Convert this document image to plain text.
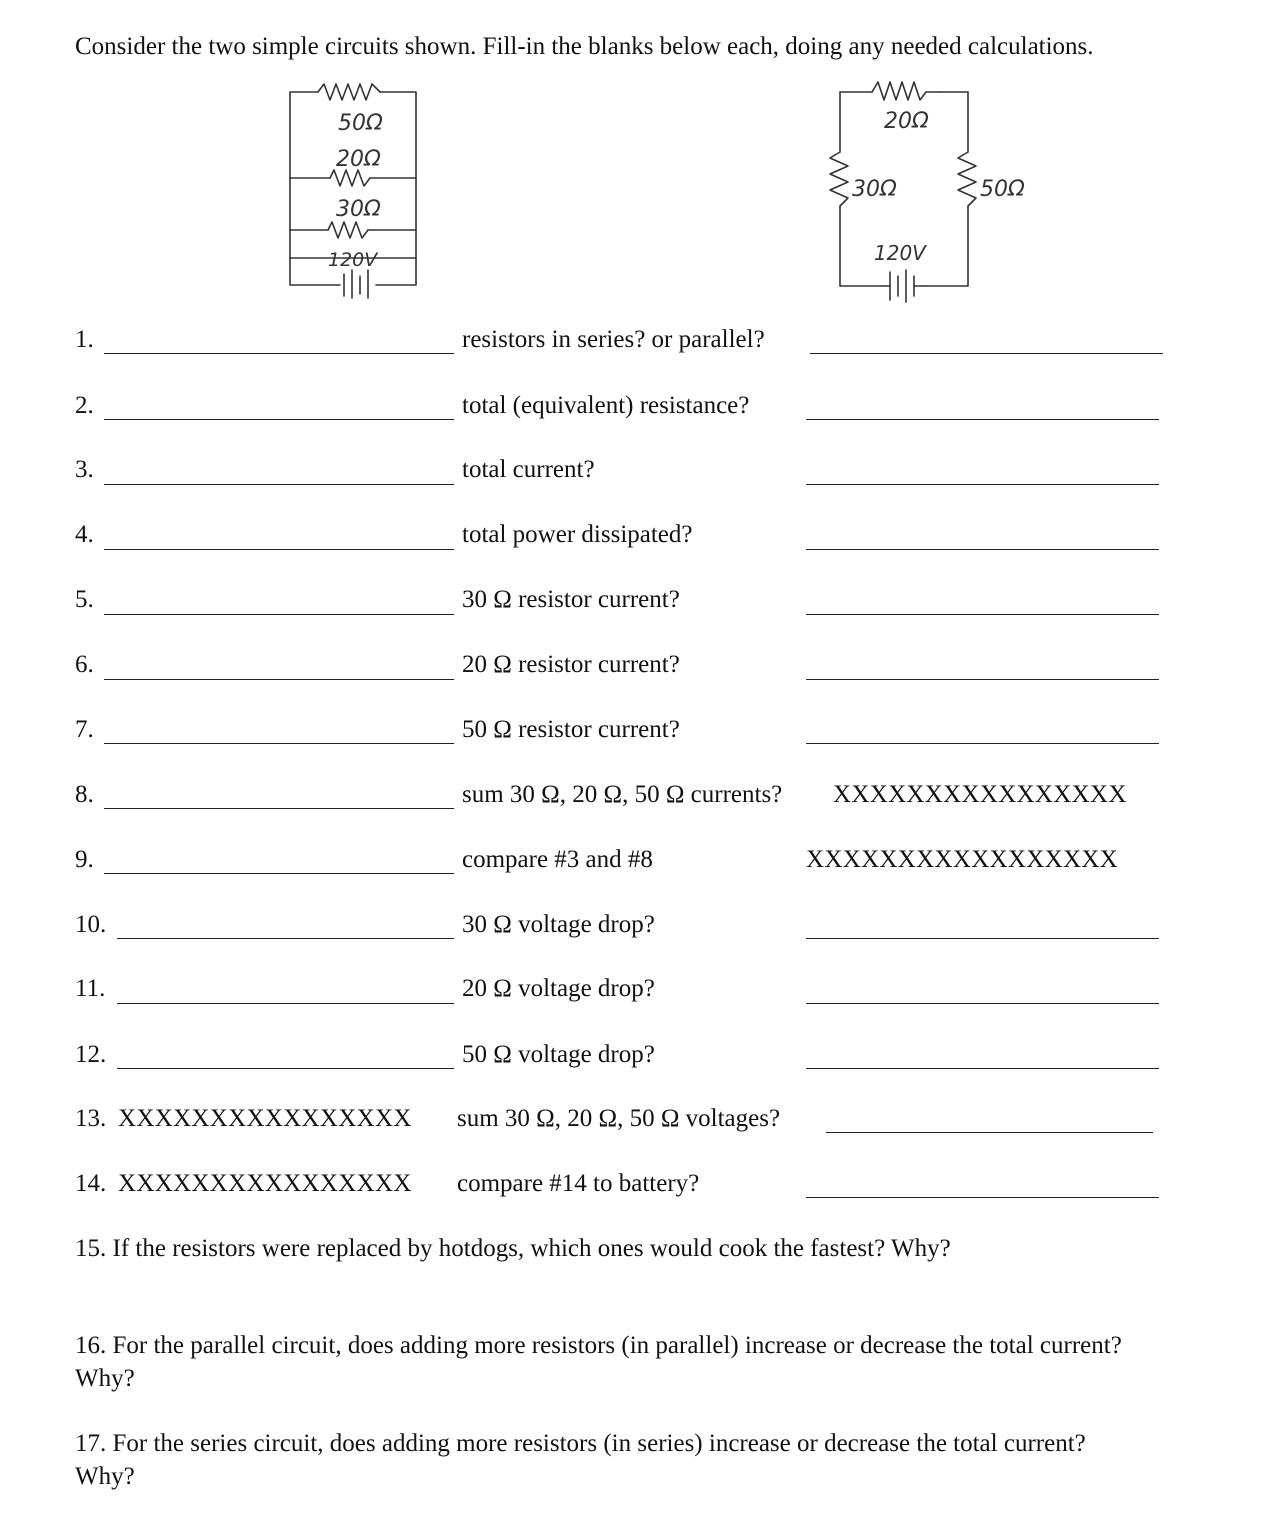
Consider the two simple circuits shown. Fill-in the blanks below each, doing any needed calculations.
50Ω
20Ω
30Ω
120V
20Ω
30Ω	50Ω
120V
1.	resistors in series? or parallel?
2.	total (equivalent) resistance?
3.	total current?
4.	total power dissipated?
5.	30 Ω resistor current?
6.	20 Ω resistor current?
7.	50 Ω resistor current?
8.	sum 30 Ω, 20 Ω, 50 Ω currents? XXXXXXXXXXXXXXXX
9.	compare #3 and #8	XXXXXXXXXXXXXXXXX
10.	30 Ω voltage drop?
11.	20 Ω voltage drop?
12.	50 Ω voltage drop?
13. XXXXXXXXXXXXXXXX sum 30 Ω, 20 Ω, 50 Ω voltages?
14. XXXXXXXXXXXXXXXX compare #14 to battery?
15. If the resistors were replaced by hotdogs, which ones would cook the fastest? Why?
16. For the parallel circuit, does adding more resistors (in parallel) increase or decrease the total current?
Why?
17. For the series circuit, does adding more resistors (in series) increase or decrease the total current?
Why?
